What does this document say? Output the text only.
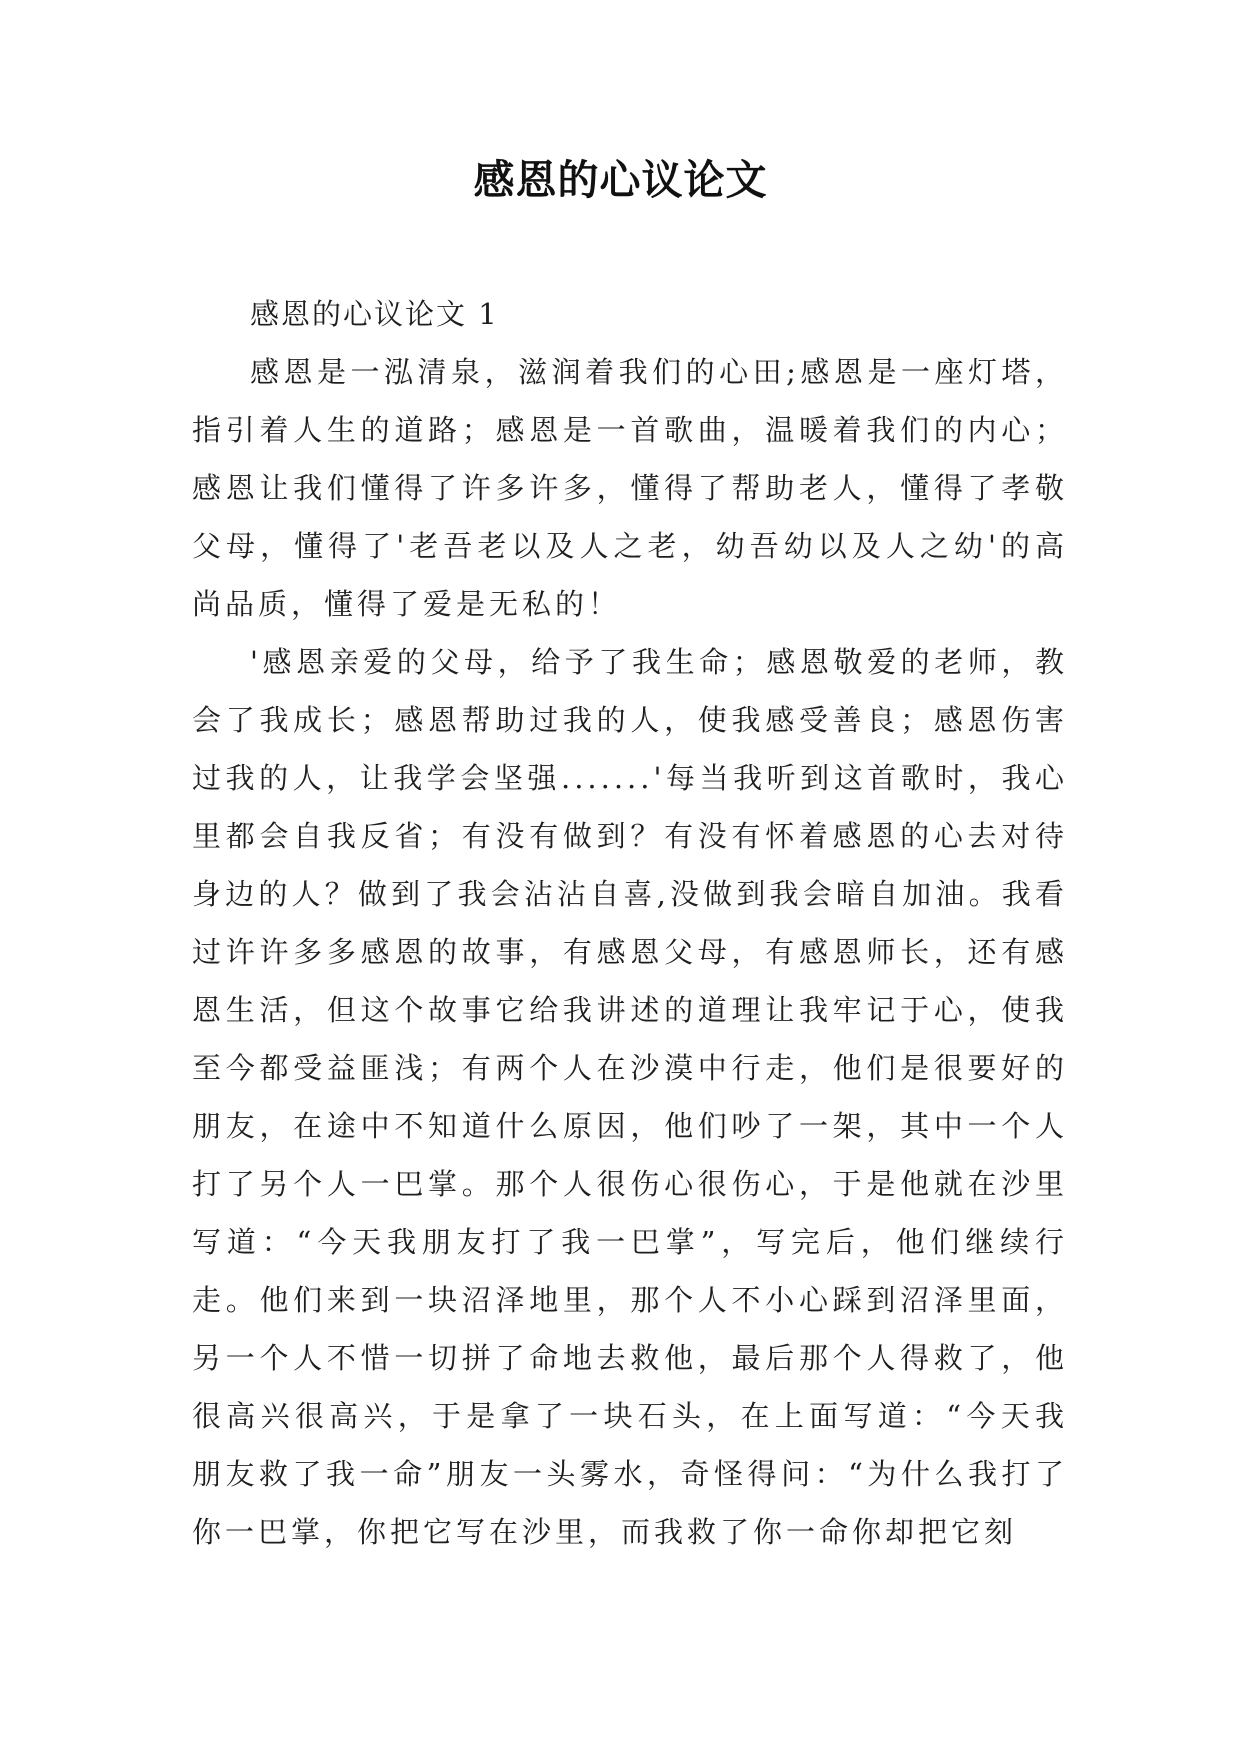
感恩的心议论文

感恩的心议论文 1

感恩是一泓清泉，滋润着我们的心田;感恩是一座灯塔，指引着人生的道路；感恩是一首歌曲，温暖着我们的内心；感恩让我们懂得了许多许多，懂得了帮助老人，懂得了孝敬父母，懂得了'老吾老以及人之老，幼吾幼以及人之幼'的高尚品质，懂得了爱是无私的！

'感恩亲爱的父母，给予了我生命；感恩敬爱的老师，教会了我成长；感恩帮助过我的人，使我感受善良；感恩伤害过我的人，让我学会坚强.......'每当我听到这首歌时，我心里都会自我反省；有没有做到？有没有怀着感恩的心去对待身边的人？做到了我会沾沾自喜,没做到我会暗自加油。我看过许许多多感恩的故事，有感恩父母，有感恩师长，还有感恩生活，但这个故事它给我讲述的道理让我牢记于心，使我至今都受益匪浅；有两个人在沙漠中行走，他们是很要好的朋友，在途中不知道什么原因，他们吵了一架，其中一个人打了另个人一巴掌。那个人很伤心很伤心，于是他就在沙里写道：“今天我朋友打了我一巴掌”，写完后，他们继续行走。他们来到一块沼泽地里，那个人不小心踩到沼泽里面，另一个人不惜一切拼了命地去救他，最后那个人得救了，他很高兴很高兴，于是拿了一块石头，在上面写道：“今天我朋友救了我一命”朋友一头雾水，奇怪得问：“为什么我打了你一巴掌，你把它写在沙里，而我救了你一命你却把它刻
